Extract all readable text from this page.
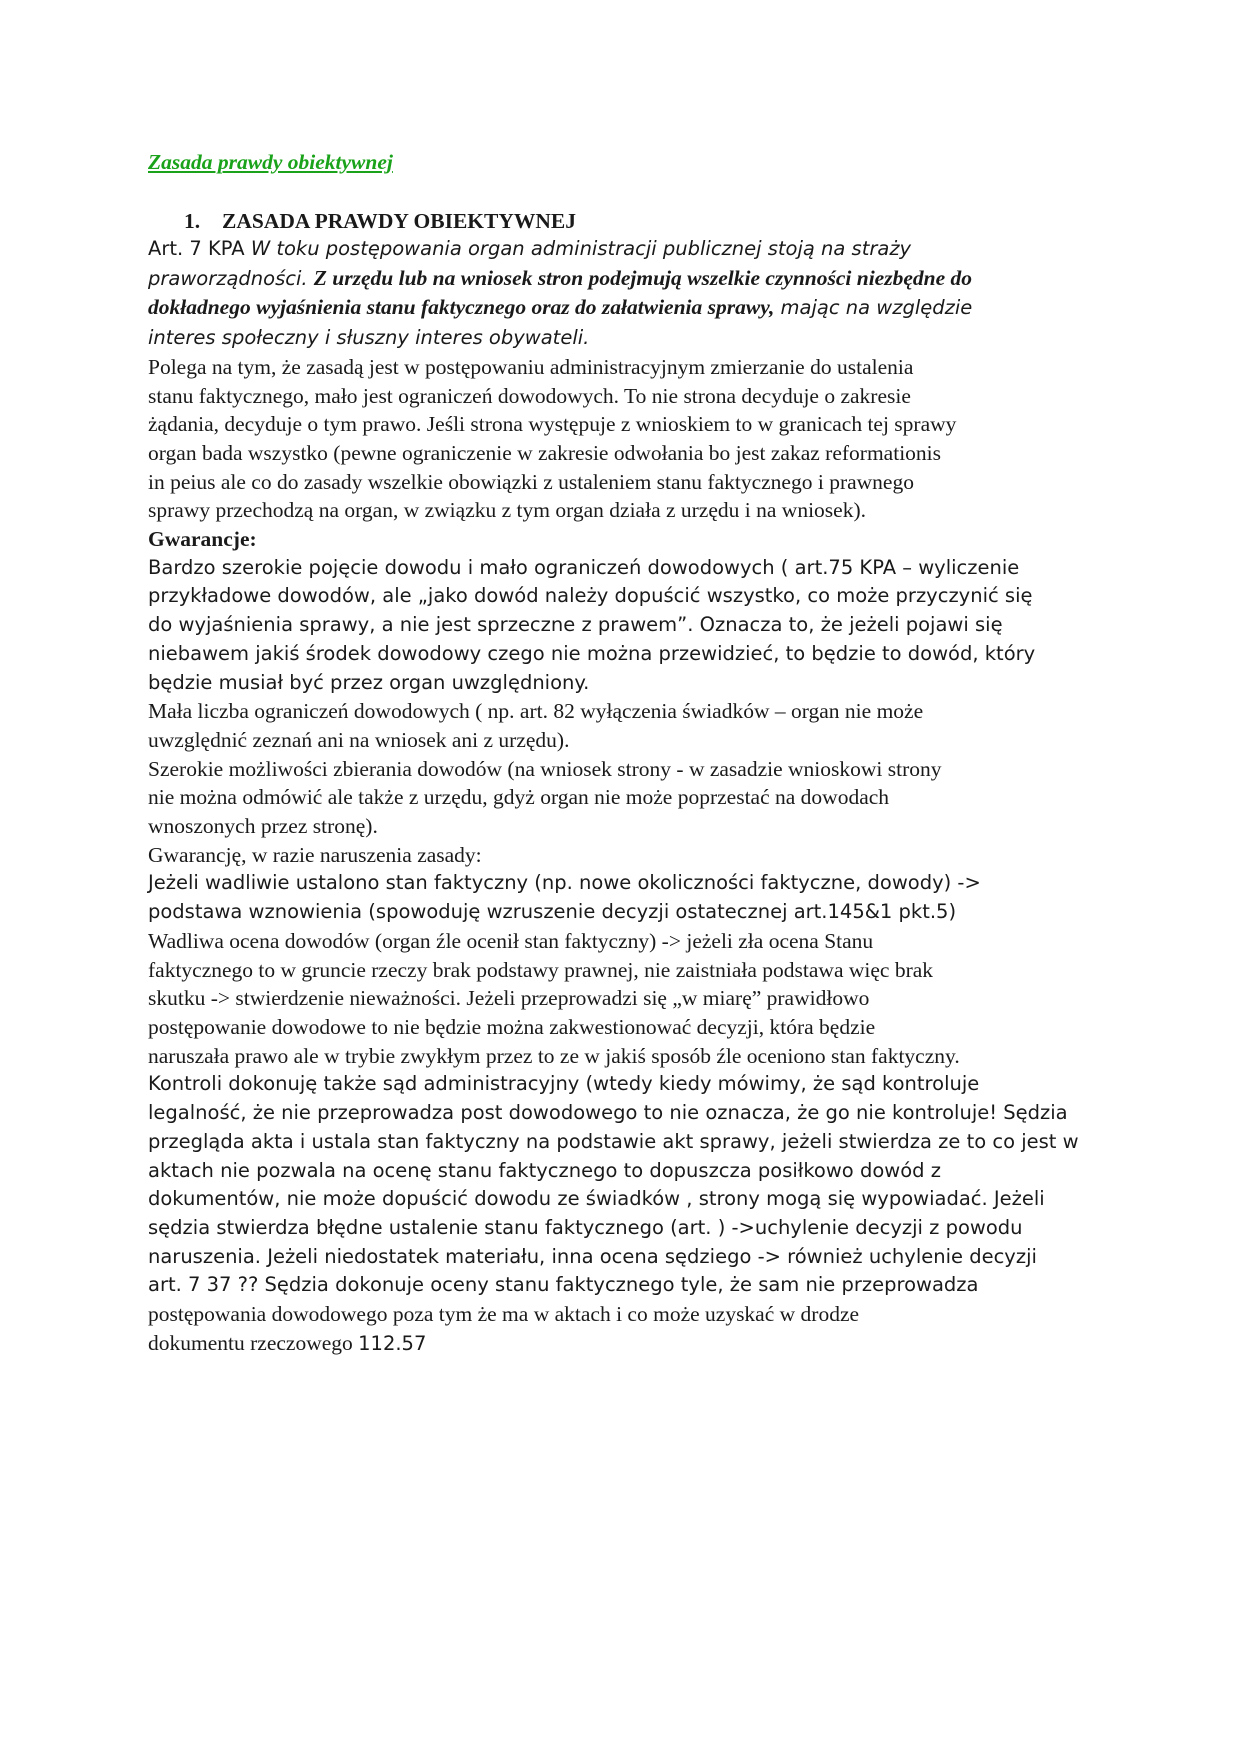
Zasada prawdy obiektywnej
1. ZASADA PRAWDY OBIEKTYWNEJ
Art. 7 KPA W toku postępowania organ administracji publicznej stoją na straży
praworządności. Z urzędu lub na wniosek stron podejmują wszelkie czynności niezbędne do
dokładnego wyjaśnienia stanu faktycznego oraz do załatwienia sprawy, mając na względzie
interes społeczny i słuszny interes obywateli.
Polega na tym, że zasadą jest w postępowaniu administracyjnym zmierzanie do ustalenia
stanu faktycznego, mało jest ograniczeń dowodowych. To nie strona decyduje o zakresie
żądania, decyduje o tym prawo. Jeśli strona występuje z wnioskiem to w granicach tej sprawy
organ bada wszystko (pewne ograniczenie w zakresie odwołania bo jest zakaz reformationis
in peius ale co do zasady wszelkie obowiązki z ustaleniem stanu faktycznego i prawnego
sprawy przechodzą na organ, w związku z tym organ działa z urzędu i na wniosek).
Gwarancje:
Bardzo szerokie pojęcie dowodu i mało ograniczeń dowodowych ( art.75 KPA – wyliczenie
przykładowe dowodów, ale „jako dowód należy dopuścić wszystko, co może przyczynić się
do wyjaśnienia sprawy, a nie jest sprzeczne z prawem”. Oznacza to, że jeżeli pojawi się
niebawem jakiś środek dowodowy czego nie można przewidzieć, to będzie to dowód, który
będzie musiał być przez organ uwzględniony.
Mała liczba ograniczeń dowodowych ( np. art. 82 wyłączenia świadków – organ nie może
uwzględnić zeznań ani na wniosek ani z urzędu).
Szerokie możliwości zbierania dowodów (na wniosek strony - w zasadzie wnioskowi strony
nie można odmówić ale także z urzędu, gdyż organ nie może poprzestać na dowodach
wnoszonych przez stronę).
Gwarancję, w razie naruszenia zasady:
Jeżeli wadliwie ustalono stan faktyczny (np. nowe okoliczności faktyczne, dowody) ->
podstawa wznowienia (spowoduję wzruszenie decyzji ostatecznej art.145&1 pkt.5)
Wadliwa ocena dowodów (organ źle ocenił stan faktyczny) -> jeżeli zła ocena Stanu
faktycznego to w gruncie rzeczy brak podstawy prawnej, nie zaistniała podstawa więc brak
skutku -> stwierdzenie nieważności. Jeżeli przeprowadzi się „w miarę” prawidłowo
postępowanie dowodowe to nie będzie można zakwestionować decyzji, która będzie
naruszała prawo ale w trybie zwykłym przez to ze w jakiś sposób źle oceniono stan faktyczny.
Kontroli dokonuję także sąd administracyjny (wtedy kiedy mówimy, że sąd kontroluje
legalność, że nie przeprowadza post dowodowego to nie oznacza, że go nie kontroluje! Sędzia
przegląda akta i ustala stan faktyczny na podstawie akt sprawy, jeżeli stwierdza ze to co jest w
aktach nie pozwala na ocenę stanu faktycznego to dopuszcza posiłkowo dowód z
dokumentów, nie może dopuścić dowodu ze świadków , strony mogą się wypowiadać. Jeżeli
sędzia stwierdza błędne ustalenie stanu faktycznego (art. ) ->uchylenie decyzji z powodu
naruszenia. Jeżeli niedostatek materiału, inna ocena sędziego -> również uchylenie decyzji
art. 7 37 ?? Sędzia dokonuje oceny stanu faktycznego tyle, że sam nie przeprowadza
postępowania dowodowego poza tym że ma w aktach i co może uzyskać w drodze
dokumentu rzeczowego 112.57
